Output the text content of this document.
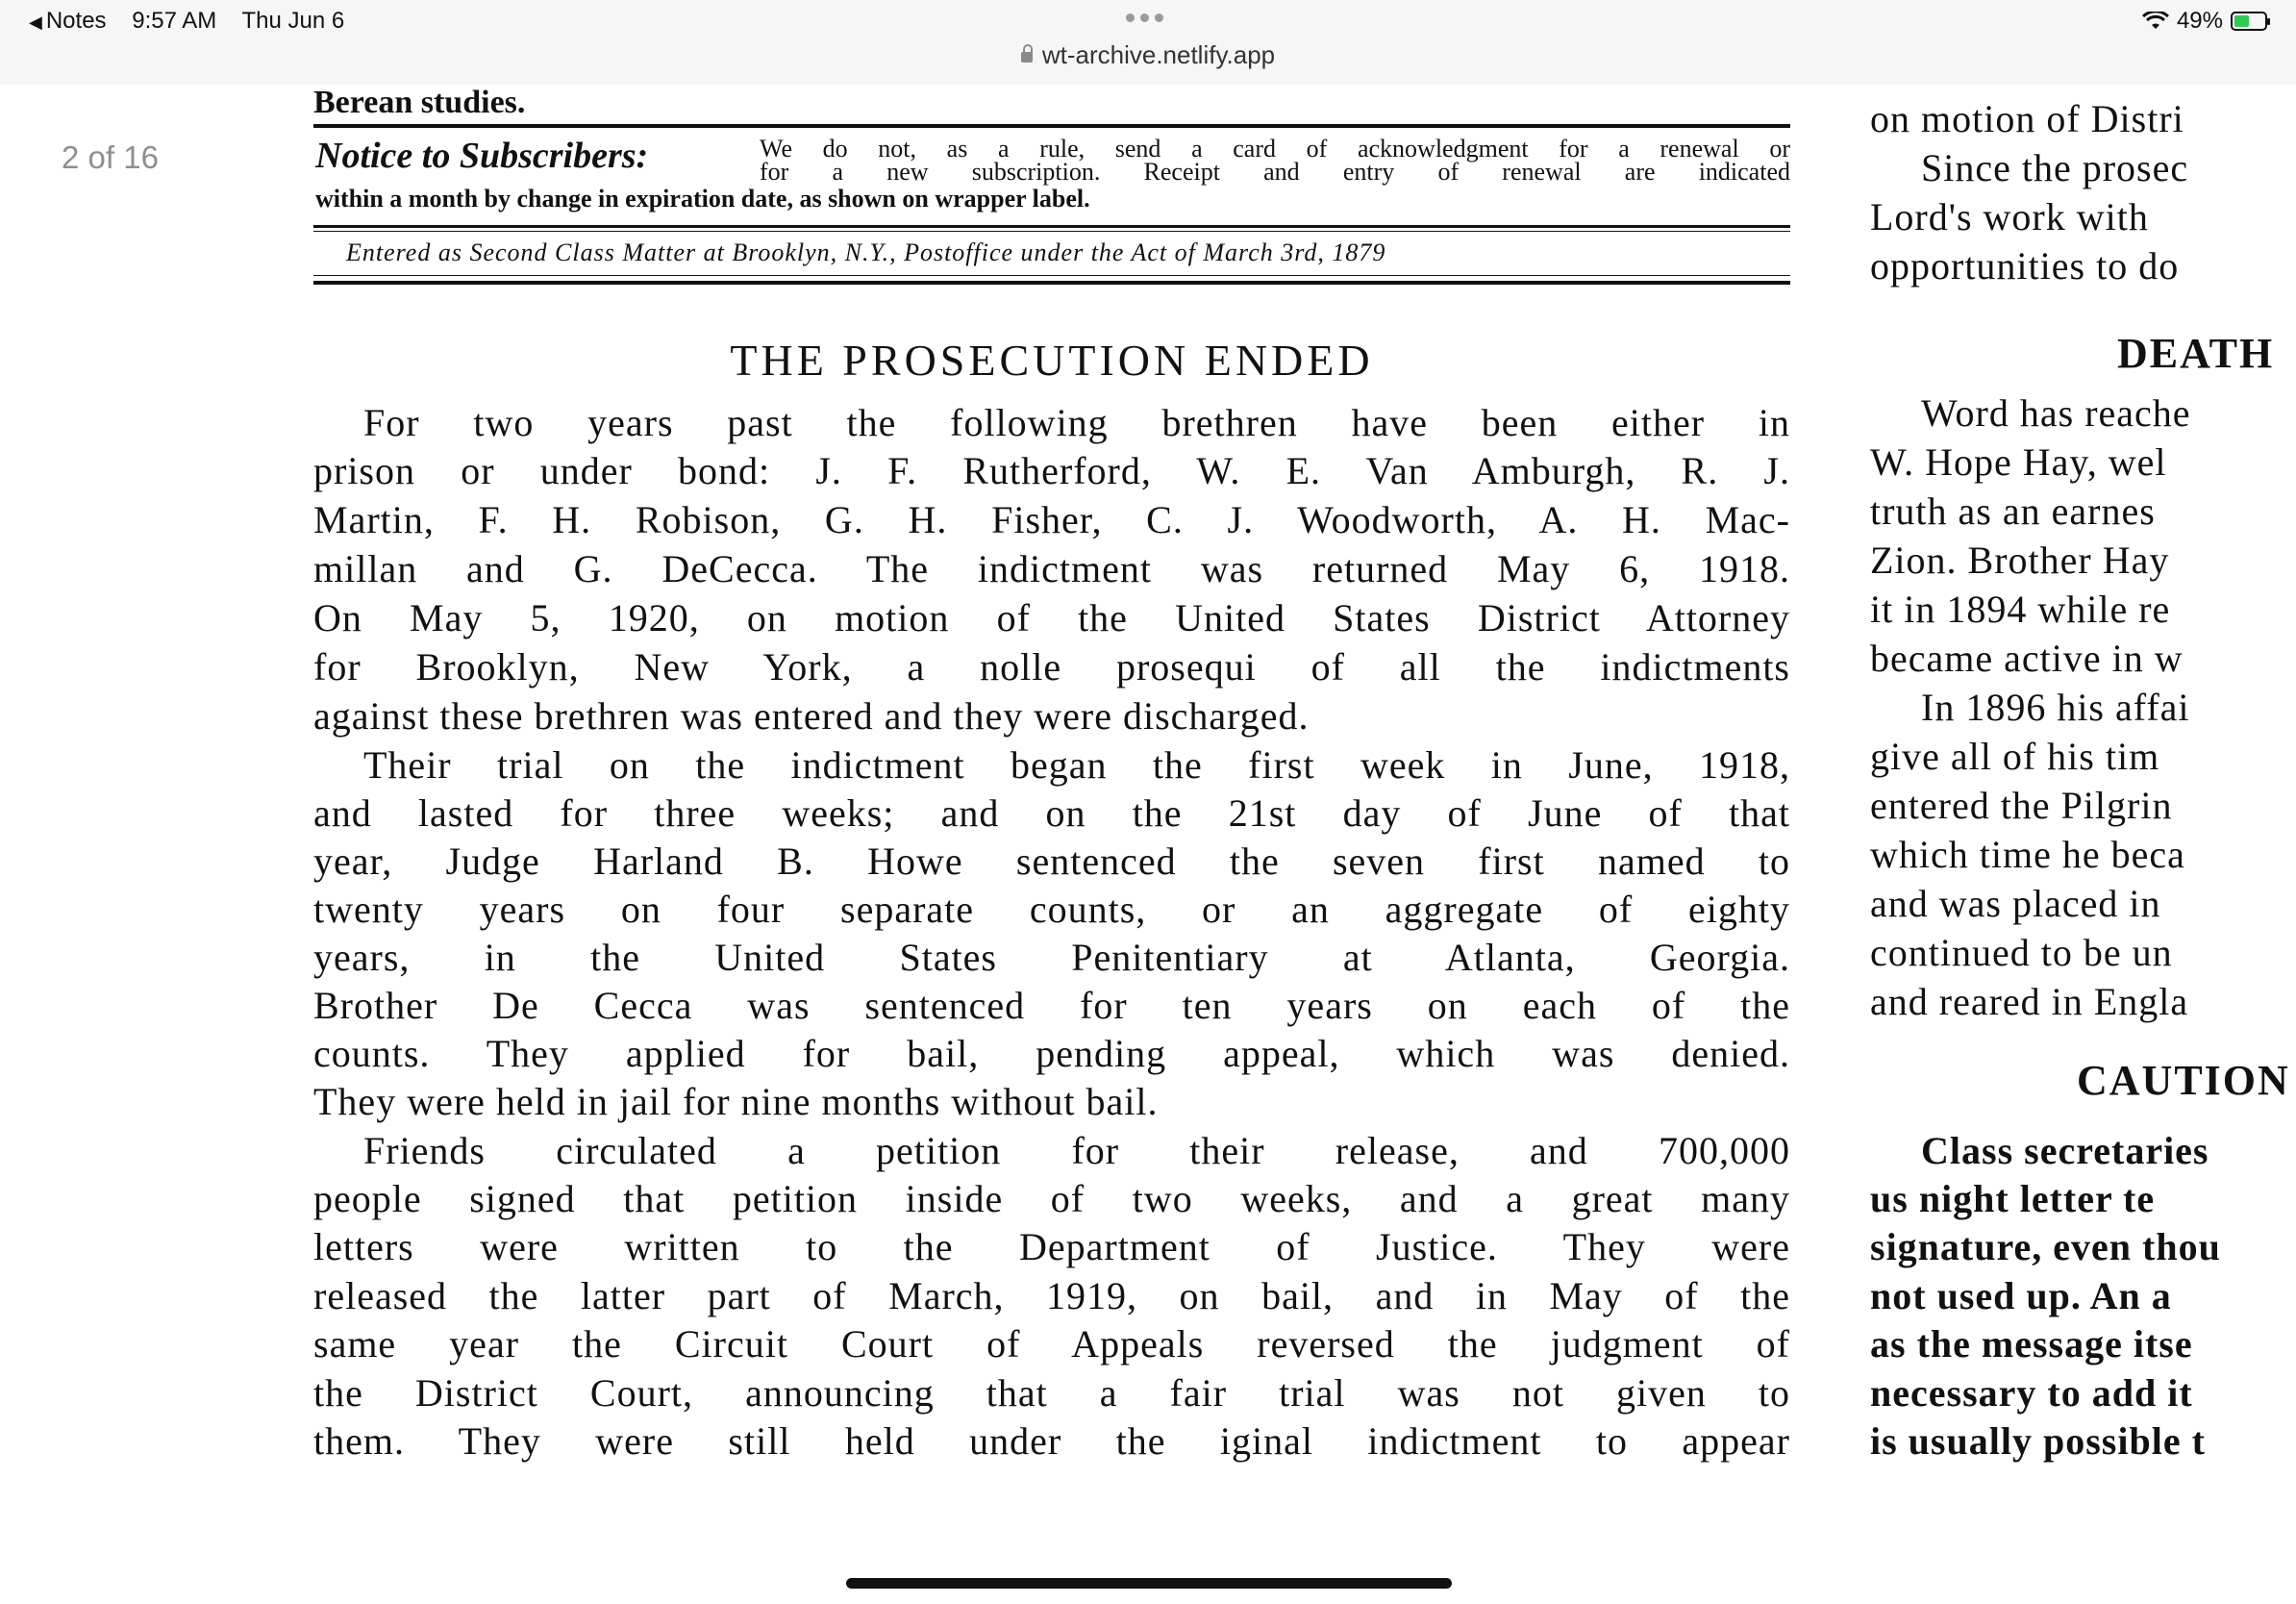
◀ Notes 9:57 AM Thu Jun 6
wt-archive.netlify.app
49%
2 of 16
Berean studies.
Notice to Subscribers:	We do not, as a rule, send a card of acknowledgment for a renewal or
for a new subscription. Receipt and entry of renewal are indicated
within a month by change in expiration date, as shown on wrapper label.
Entered as Second Class Matter at Brooklyn, N.Y., Postoffice under the Act of March 3rd, 1879
THE PROSECUTION ENDED
For two years past the following brethren have been either in
prison or under bond: J. F. Rutherford, W. E. Van Amburgh, R. J.
Martin, F. H. Robison, G. H. Fisher, C. J. Woodworth, A. H. Mac-
millan and G. DeCecca. The indictment was returned May 6, 1918.
On May 5, 1920, on motion of the United States District Attorney
for Brooklyn, New York, a nolle prosequi of all the indictments
against these brethren was entered and they were discharged.
Their trial on the indictment began the first week in June, 1918,
and lasted for three weeks; and on the 21st day of June of that
year, Judge Harland B. Howe sentenced the seven first named to
twenty years on four separate counts, or an aggregate of eighty
years, in the United States Penitentiary at Atlanta, Georgia.
Brother De Cecca was sentenced for ten years on each of the
counts. They applied for bail, pending appeal, which was denied.
They were held in jail for nine months without bail.
Friends circulated a petition for their release, and 700,000
people signed that petition inside of two weeks, and a great many
letters were written to the Department of Justice. They were
released the latter part of March, 1919, on bail, and in May of the
same year the Circuit Court of Appeals reversed the judgment of
the District Court, announcing that a fair trial was not given to
them. They were still held under the iginal indictment to appear
on motion of Distri
Since the prosec
Lord's work with
opportunities to do
DEATH
Word has reache
W. Hope Hay, wel
truth as an earnes
Zion. Brother Hay
it in 1894 while re
became active in w
In 1896 his affai
give all of his tim
entered the Pilgrin
which time he beca
and was placed in
continued to be un
and reared in Engla
CAUTION
Class secretaries
us night letter te
signature, even thou
not used up. An a
as the message itse
necessary to add it
is usually possible t
